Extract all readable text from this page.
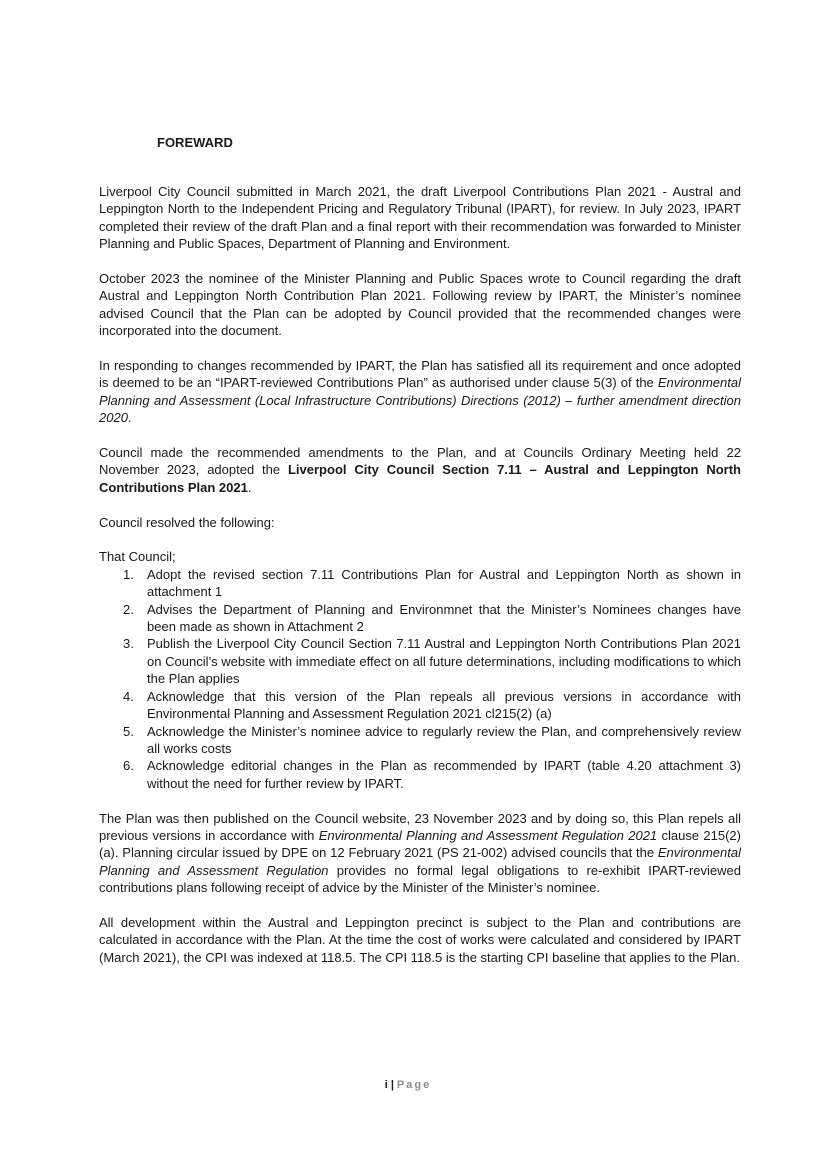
FOREWARD

Liverpool City Council submitted in March 2021, the draft Liverpool Contributions Plan 2021 - Austral and Leppington North to the Independent Pricing and Regulatory Tribunal (IPART), for review. In July 2023, IPART completed their review of the draft Plan and a final report with their recommendation was forwarded to Minister Planning and Public Spaces, Department of Planning and Environment.

October 2023 the nominee of the Minister Planning and Public Spaces wrote to Council regarding the draft Austral and Leppington North Contribution Plan 2021. Following review by IPART, the Minister’s nominee advised Council that the Plan can be adopted by Council provided that the recommended changes were incorporated into the document.

In responding to changes recommended by IPART, the Plan has satisfied all its requirement and once adopted is deemed to be an “IPART-reviewed Contributions Plan” as authorised under clause 5(3) of the Environmental Planning and Assessment (Local Infrastructure Contributions) Directions (2012) – further amendment direction 2020.

Council made the recommended amendments to the Plan, and at Councils Ordinary Meeting held 22 November 2023, adopted the Liverpool City Council Section 7.11 – Austral and Leppington North Contributions Plan 2021.

Council resolved the following:

That Council;

1. Adopt the revised section 7.11 Contributions Plan for Austral and Leppington North as shown in attachment 1
2. Advises the Department of Planning and Environmnet that the Minister’s Nominees changes have been made as shown in Attachment 2
3. Publish the Liverpool City Council Section 7.11 Austral and Leppington North Contributions Plan 2021 on Council’s website with immediate effect on all future determinations, including modifications to which the Plan applies
4. Acknowledge that this version of the Plan repeals all previous versions in accordance with Environmental Planning and Assessment Regulation 2021 cl215(2) (a)
5. Acknowledge the Minister’s nominee advice to regularly review the Plan, and comprehensively review all works costs
6. Acknowledge editorial changes in the Plan as recommended by IPART (table 4.20 attachment 3) without the need for further review by IPART.

The Plan was then published on the Council website, 23 November 2023 and by doing so, this Plan repels all previous versions in accordance with Environmental Planning and Assessment Regulation 2021 clause 215(2)(a). Planning circular issued by DPE on 12 February 2021 (PS 21-002) advised councils that the Environmental Planning and Assessment Regulation provides no formal legal obligations to re-exhibit IPART-reviewed contributions plans following receipt of advice by the Minister of the Minister’s nominee.

All development within the Austral and Leppington precinct is subject to the Plan and contributions are calculated in accordance with the Plan. At the time the cost of works were calculated and considered by IPART (March 2021), the CPI was indexed at 118.5. The CPI 118.5 is the starting CPI baseline that applies to the Plan.

i | Page
